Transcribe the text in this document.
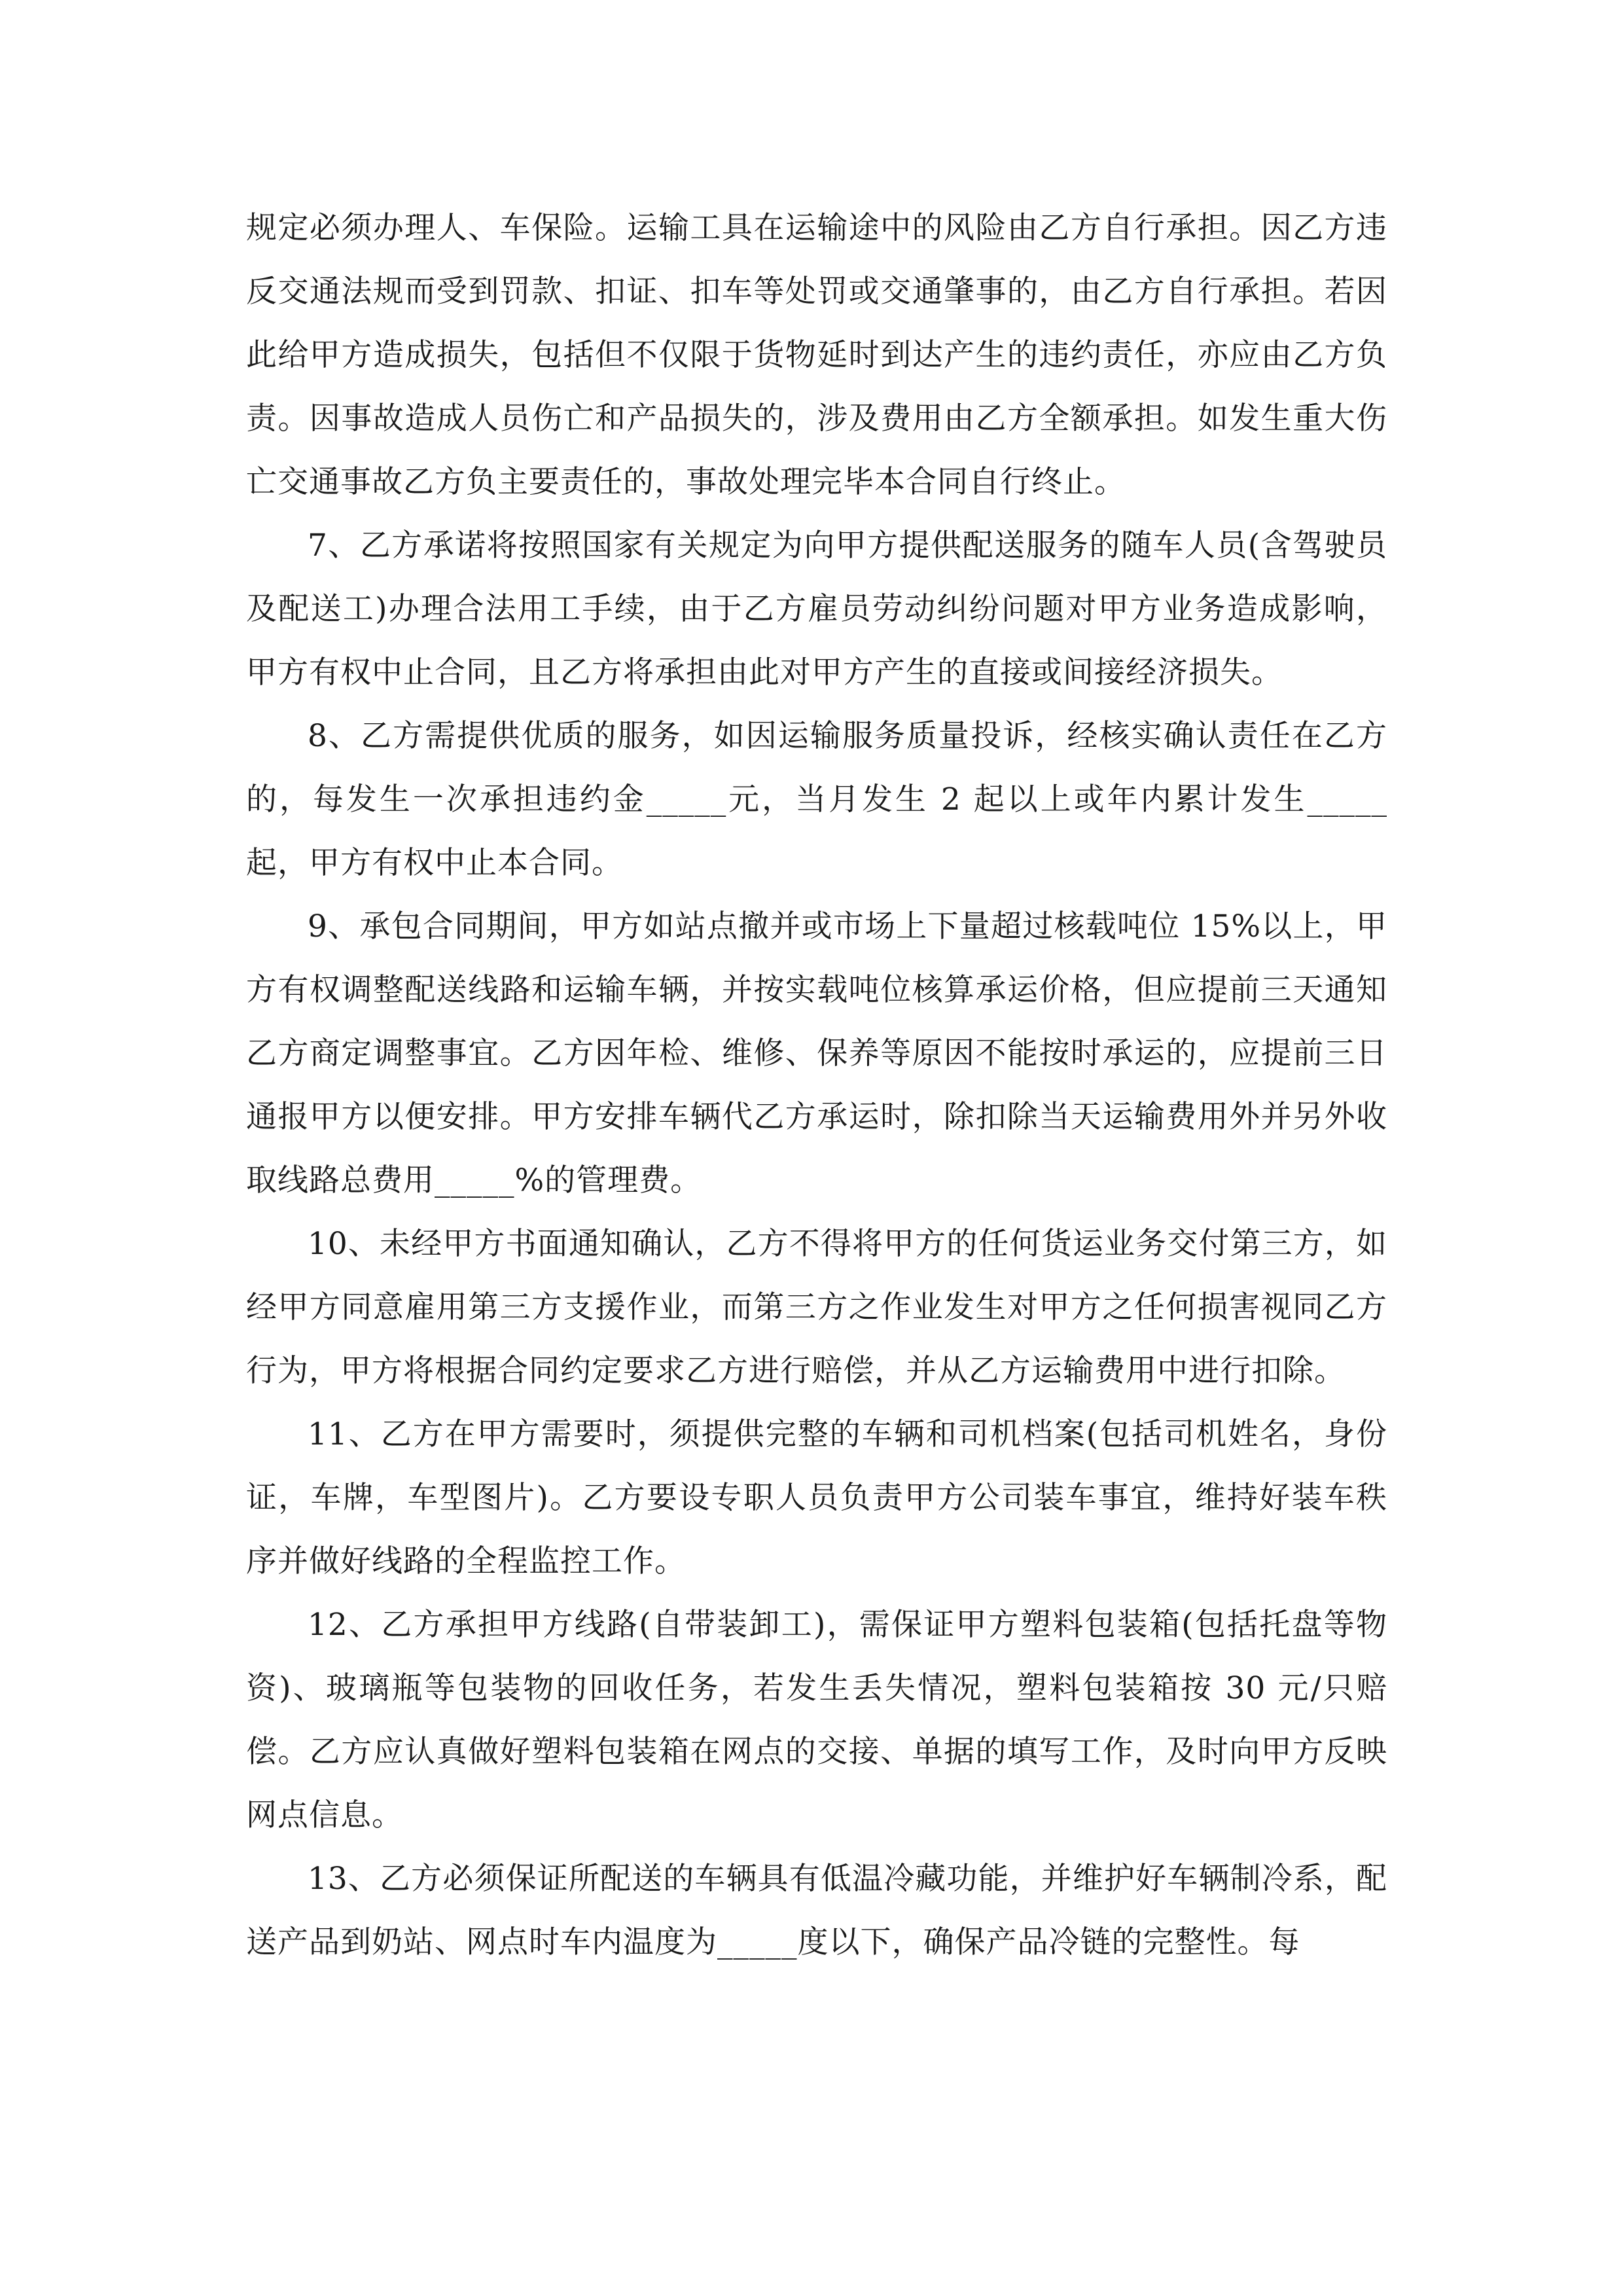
规定必须办理人、车保险。运输工具在运输途中的风险由乙方自行承担。因乙方违反交通法规而受到罚款、扣证、扣车等处罚或交通肇事的，由乙方自行承担。若因此给甲方造成损失，包括但不仅限于货物延时到达产生的违约责任，亦应由乙方负责。因事故造成人员伤亡和产品损失的，涉及费用由乙方全额承担。如发生重大伤亡交通事故乙方负主要责任的，事故处理完毕本合同自行终止。

7、乙方承诺将按照国家有关规定为向甲方提供配送服务的随车人员(含驾驶员及配送工)办理合法用工手续，由于乙方雇员劳动纠纷问题对甲方业务造成影响，甲方有权中止合同，且乙方将承担由此对甲方产生的直接或间接经济损失。

8、乙方需提供优质的服务，如因运输服务质量投诉，经核实确认责任在乙方的，每发生一次承担违约金_____元，当月发生 2 起以上或年内累计发生_____起，甲方有权中止本合同。

9、承包合同期间，甲方如站点撤并或市场上下量超过核载吨位 15%以上，甲方有权调整配送线路和运输车辆，并按实载吨位核算承运价格，但应提前三天通知乙方商定调整事宜。乙方因年检、维修、保养等原因不能按时承运的，应提前三日通报甲方以便安排。甲方安排车辆代乙方承运时，除扣除当天运输费用外并另外收取线路总费用_____%的管理费。

10、未经甲方书面通知确认，乙方不得将甲方的任何货运业务交付第三方，如经甲方同意雇用第三方支援作业，而第三方之作业发生对甲方之任何损害视同乙方行为，甲方将根据合同约定要求乙方进行赔偿，并从乙方运输费用中进行扣除。

11、乙方在甲方需要时，须提供完整的车辆和司机档案(包括司机姓名，身份证，车牌，车型图片)。乙方要设专职人员负责甲方公司装车事宜，维持好装车秩序并做好线路的全程监控工作。

12、乙方承担甲方线路(自带装卸工)，需保证甲方塑料包装箱(包括托盘等物资)、玻璃瓶等包装物的回收任务，若发生丢失情况，塑料包装箱按 30 元/只赔偿。乙方应认真做好塑料包装箱在网点的交接、单据的填写工作，及时向甲方反映网点信息。

13、乙方必须保证所配送的车辆具有低温冷藏功能，并维护好车辆制冷系，配送产品到奶站、网点时车内温度为_____度以下，确保产品冷链的完整性。每
